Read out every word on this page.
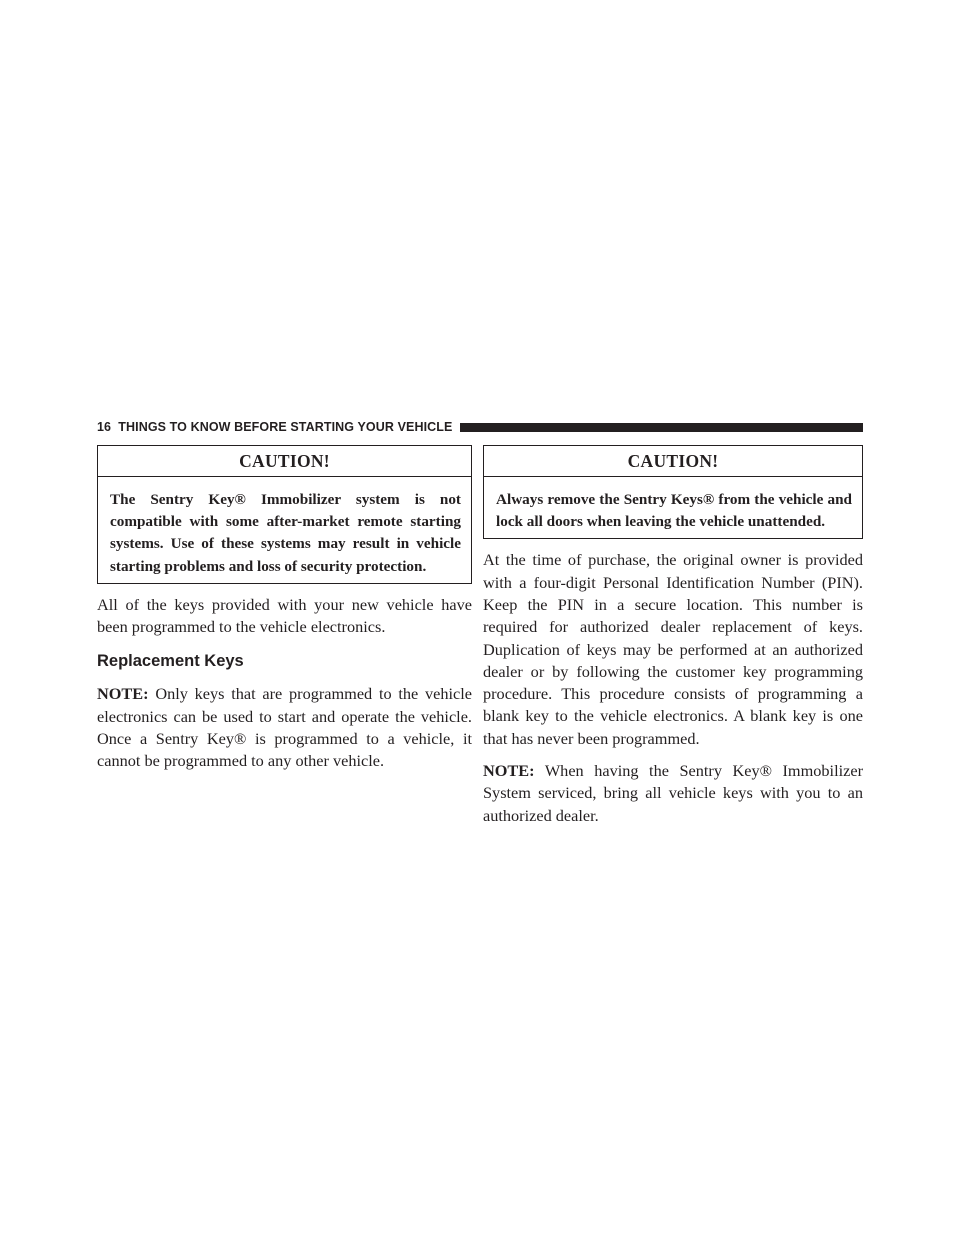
16 THINGS TO KNOW BEFORE STARTING YOUR VEHICLE
CAUTION!
The Sentry Key® Immobilizer system is not compatible with some after-market remote starting systems. Use of these systems may result in vehicle starting problems and loss of security protection.

All of the keys provided with your new vehicle have been programmed to the vehicle electronics.

Replacement Keys

NOTE: Only keys that are programmed to the vehicle electronics can be used to start and operate the vehicle. Once a Sentry Key® is programmed to a vehicle, it cannot be programmed to any other vehicle.

CAUTION!
Always remove the Sentry Keys® from the vehicle and lock all doors when leaving the vehicle unattended.

At the time of purchase, the original owner is provided with a four-digit Personal Identification Number (PIN). Keep the PIN in a secure location. This number is required for authorized dealer replacement of keys. Duplication of keys may be performed at an authorized dealer or by following the customer key programming procedure. This procedure consists of programming a blank key to the vehicle electronics. A blank key is one that has never been programmed.

NOTE: When having the Sentry Key® Immobilizer System serviced, bring all vehicle keys with you to an authorized dealer.
